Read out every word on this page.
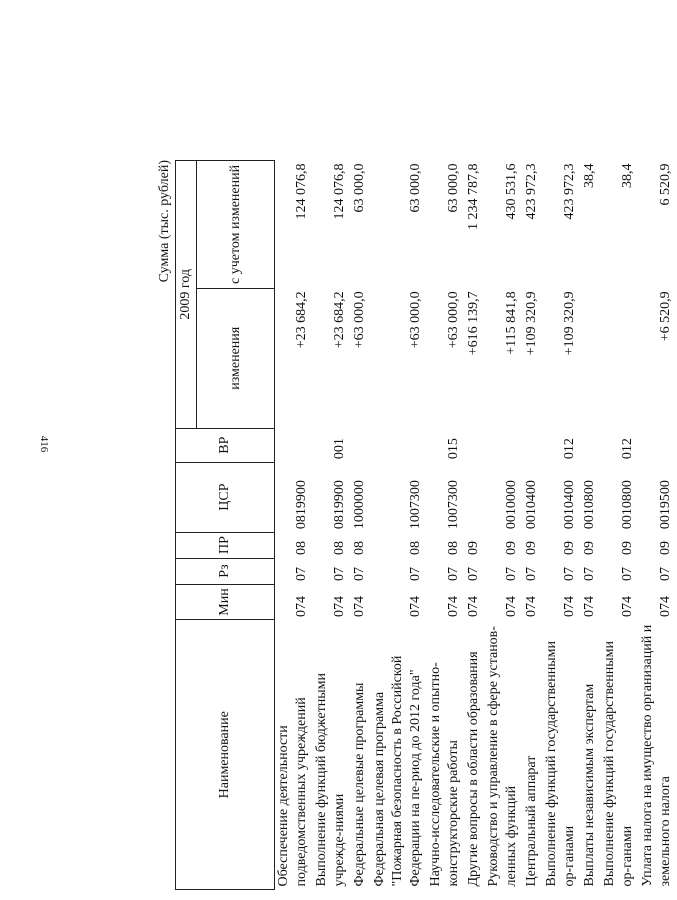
416
Сумма (тыс. рублей)
Наименование	Мин	Рз	ПР	ЦСР	ВР	2009 год	
						изменения	с учетом изменений
Обеспечение деятельности подведомственных учреждений	074	07	08	0819900		+23 684,2	124 076,8
Выполнение функций бюджетными учрежде-ниями	074	07	08	0819900	001	+23 684,2	124 076,8
Федеральные целевые программы	074	07	08	1000000		+63 000,0	63 000,0
Федеральная целевая программа "Пожарная безопасность в Российской Федерации на пе-риод до 2012 года"	074	07	08	1007300		+63 000,0	63 000,0
Научно-исследовательские и опытно-конструкторские работы	074	07	08	1007300	015	+63 000,0	63 000,0
Другие вопросы в области образования	074	07	09			+616 139,7	1 234 787,8
Руководство и управление в сфере установ-ленных функций	074	07	09	0010000		+115 841,8	430 531,6
Центральный аппарат	074	07	09	0010400		+109 320,9	423 972,3
Выполнение функций государственными ор-ганами	074	07	09	0010400	012	+109 320,9	423 972,3
Выплаты независимым экспертам	074	07	09	0010800			38,4
Выполнение функций государственными ор-ганами	074	07	09	0010800	012		38,4
Уплата налога на имущество организаций и земельного налога	074	07	09	0019500		+6 520,9	6 520,9
